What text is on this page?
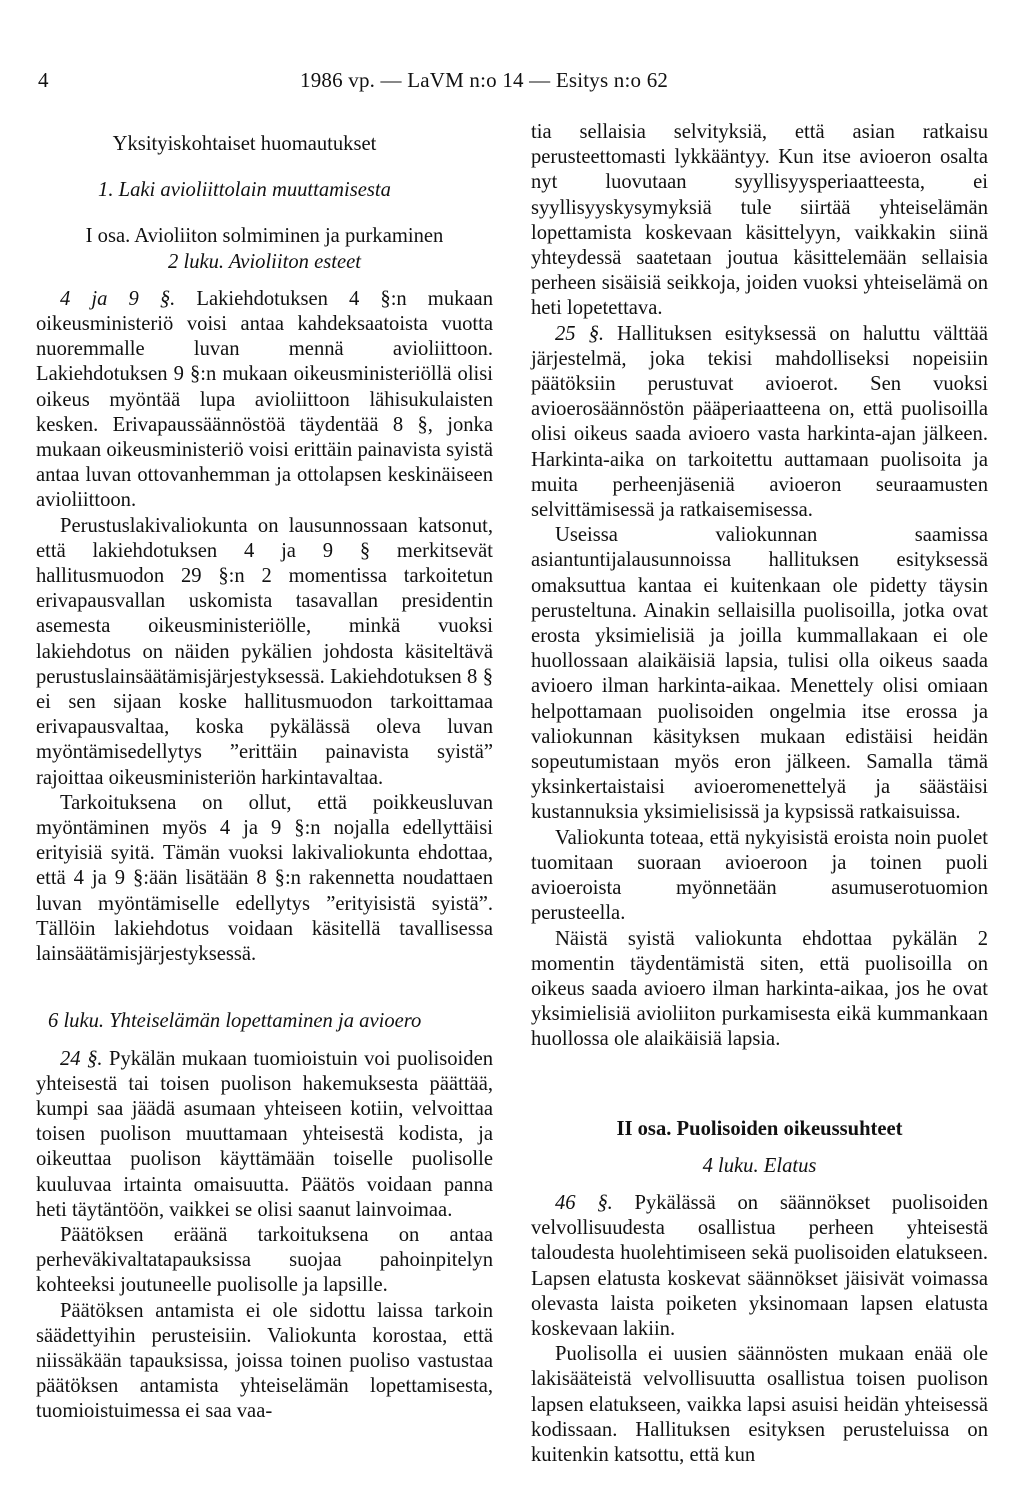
4	1986 vp. — LaVM n:o 14 — Esitys n:o 62

Yksityiskohtaiset huomautukset

1. Laki avioliittolain muuttamisesta

I osa. Avioliiton solmiminen ja purkaminen

2 luku. Avioliiton esteet

4 ja 9 §. Lakiehdotuksen 4 §:n mukaan oikeusministeriö voisi antaa kahdeksaatoista vuotta nuoremmalle luvan mennä avioliittoon. Lakiehdotuksen 9 §:n mukaan oikeusministeriöllä olisi oikeus myöntää lupa avioliittoon lähisukulaisten kesken. Erivapaussäännöstöä täydentää 8 §, jonka mukaan oikeusministeriö voisi erittäin painavista syistä antaa luvan ottovanhemman ja ottolapsen keskinäiseen avioliittoon.

Perustuslakivaliokunta on lausunnossaan katsonut, että lakiehdotuksen 4 ja 9 § merkitsevät hallitusmuodon 29 §:n 2 momentissa tarkoitetun erivapausvallan uskomista tasavallan presidentin asemesta oikeusministeriölle, minkä vuoksi lakiehdotus on näiden pykälien johdosta käsiteltävä perustuslainsäätämisjärjestyksessä. Lakiehdotuksen 8 § ei sen sijaan koske hallitusmuodon tarkoittamaa erivapausvaltaa, koska pykälässä oleva luvan myöntämisedellytys ”erittäin painavista syistä” rajoittaa oikeusministeriön harkintavaltaa.

Tarkoituksena on ollut, että poikkeusluvan myöntäminen myös 4 ja 9 §:n nojalla edellyttäisi erityisiä syitä. Tämän vuoksi lakivaliokunta ehdottaa, että 4 ja 9 §:ään lisätään 8 §:n rakennetta noudattaen luvan myöntämiselle edellytys ”erityisistä syistä”. Tällöin lakiehdotus voidaan käsitellä tavallisessa lainsäätämisjärjestyksessä.

6 luku. Yhteiselämän lopettaminen ja avioero

24 §. Pykälän mukaan tuomioistuin voi puolisoiden yhteisestä tai toisen puolison hakemuksesta päättää, kumpi saa jäädä asumaan yhteiseen kotiin, velvoittaa toisen puolison muuttamaan yhteisestä kodista, ja oikeuttaa puolison käyttämään toiselle puolisolle kuuluvaa irtainta omaisuutta. Päätös voidaan panna heti täytäntöön, vaikkei se olisi saanut lainvoimaa.

Päätöksen eräänä tarkoituksena on antaa perheväkivaltatapauksissa suojaa pahoinpitelyn kohteeksi joutuneelle puolisolle ja lapsille.

Päätöksen antamista ei ole sidottu laissa tarkoin säädettyihin perusteisiin. Valiokunta korostaa, että niissäkään tapauksissa, joissa toinen puoliso vastustaa päätöksen antamista yhteiselämän lopettamisesta, tuomioistuimessa ei saa vaa-

tia sellaisia selvityksiä, että asian ratkaisu perusteettomasti lykkääntyy. Kun itse avioeron osalta nyt luovutaan syyllisyysperiaatteesta, ei syyllisyyskysymyksiä tule siirtää yhteiselämän lopettamista koskevaan käsittelyyn, vaikkakin siinä yhteydessä saatetaan joutua käsittelemään sellaisia perheen sisäisiä seikkoja, joiden vuoksi yhteiselämä on heti lopetettava.

25 §. Hallituksen esityksessä on haluttu välttää järjestelmä, joka tekisi mahdolliseksi nopeisiin päätöksiin perustuvat avioerot. Sen vuoksi avioerosäännöstön pääperiaatteena on, että puolisoilla olisi oikeus saada avioero vasta harkinta-ajan jälkeen. Harkinta-aika on tarkoitettu auttamaan puolisoita ja muita perheenjäseniä avioeron seuraamusten selvittämisessä ja ratkaisemisessa.

Useissa valiokunnan saamissa asiantuntijalausunnoissa hallituksen esityksessä omaksuttua kantaa ei kuitenkaan ole pidetty täysin perusteltuna. Ainakin sellaisilla puolisoilla, jotka ovat erosta yksimielisiä ja joilla kummallakaan ei ole huollossaan alaikäisiä lapsia, tulisi olla oikeus saada avioero ilman harkinta-aikaa. Menettely olisi omiaan helpottamaan puolisoiden ongelmia itse erossa ja valiokunnan käsityksen mukaan edistäisi heidän sopeutumistaan myös eron jälkeen. Samalla tämä yksinkertaistaisi avioeromenettelyä ja säästäisi kustannuksia yksimielisissä ja kypsissä ratkaisuissa.

Valiokunta toteaa, että nykyisistä eroista noin puolet tuomitaan suoraan avioeroon ja toinen puoli avioeroista myönnetään asumuserotuomion perusteella.

Näistä syistä valiokunta ehdottaa pykälän 2 momentin täydentämistä siten, että puolisoilla on oikeus saada avioero ilman harkinta-aikaa, jos he ovat yksimielisiä avioliiton purkamisesta eikä kummankaan huollossa ole alaikäisiä lapsia.

II osa. Puolisoiden oikeussuhteet

4 luku. Elatus

46 §. Pykälässä on säännökset puolisoiden velvollisuudesta osallistua perheen yhteisestä taloudesta huolehtimiseen sekä puolisoiden elatukseen. Lapsen elatusta koskevat säännökset jäisivät voimassa olevasta laista poiketen yksinomaan lapsen elatusta koskevaan lakiin.

Puolisolla ei uusien säännösten mukaan enää ole lakisääteistä velvollisuutta osallistua toisen puolison lapsen elatukseen, vaikka lapsi asuisi heidän yhteisessä kodissaan. Hallituksen esityksen perusteluissa on kuitenkin katsottu, että kun
